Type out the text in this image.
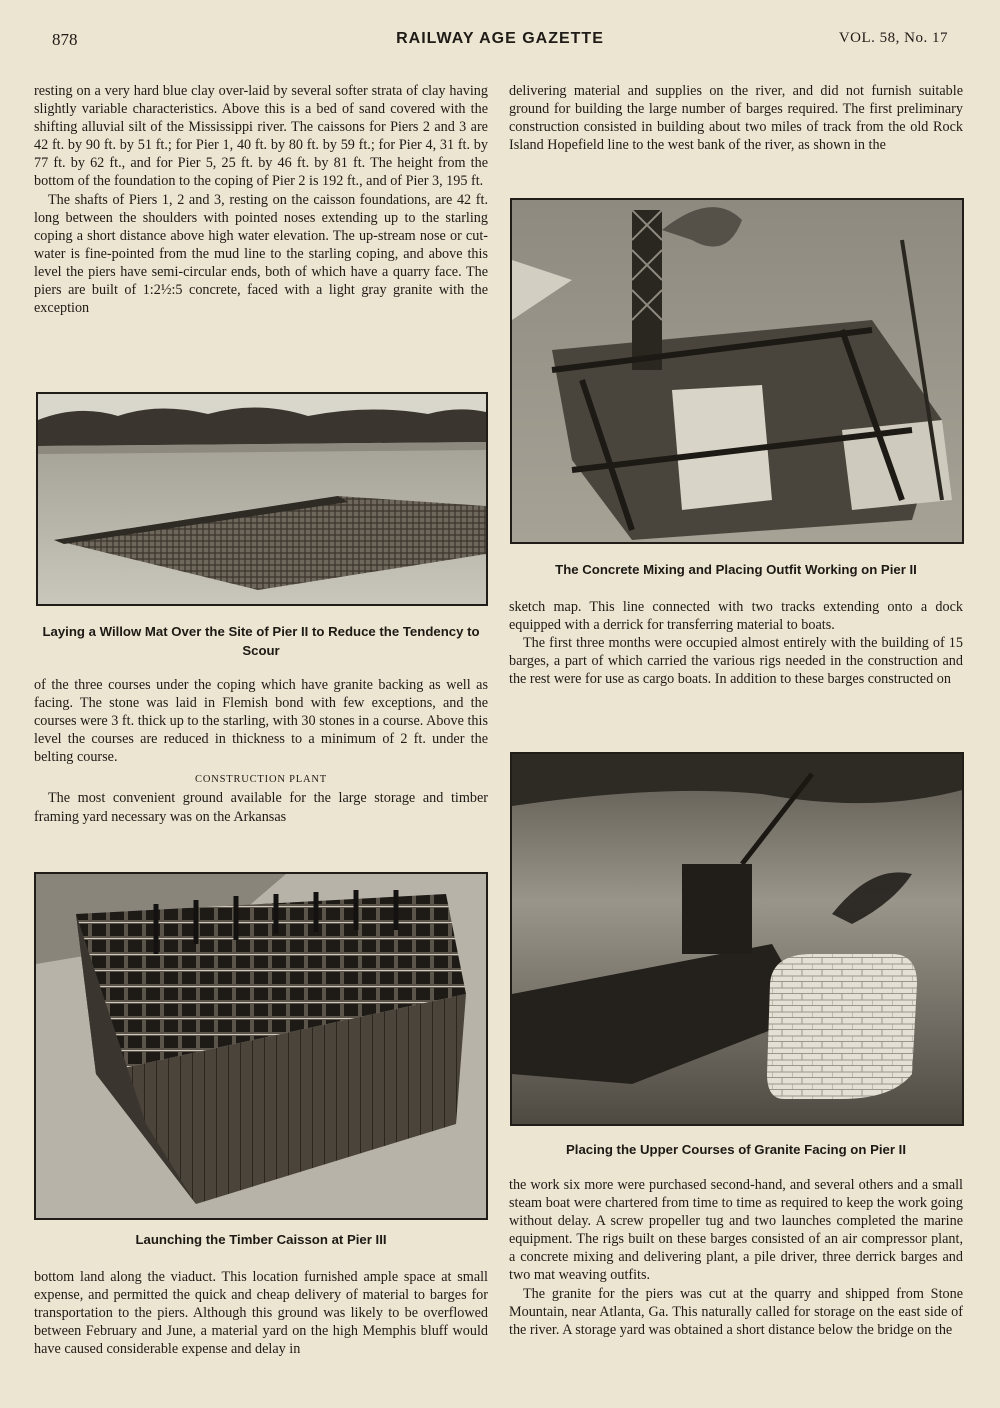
878	RAILWAY AGE GAZETTE	VOL. 58, No. 17

resting on a very hard blue clay over-laid by several softer strata of clay having slightly variable characteristics. Above this is a bed of sand covered with the shifting alluvial silt of the Mississippi river. The caissons for Piers 2 and 3 are 42 ft. by 90 ft. by 51 ft.; for Pier 1, 40 ft. by 80 ft. by 59 ft.; for Pier 4, 31 ft. by 77 ft. by 62 ft., and for Pier 5, 25 ft. by 46 ft. by 81 ft. The height from the bottom of the foundation to the coping of Pier 2 is 192 ft., and of Pier 3, 195 ft.

The shafts of Piers 1, 2 and 3, resting on the caisson foundations, are 42 ft. long between the shoulders with pointed noses extending up to the starling coping a short distance above high water elevation. The up-stream nose or cut-water is fine-pointed from the mud line to the starling coping, and above this level the piers have semi-circular ends, both of which have a quarry face. The piers are built of 1:2½:5 concrete, faced with a light gray granite with the exception

Laying a Willow Mat Over the Site of Pier II to Reduce the Tendency to Scour

of the three courses under the coping which have granite backing as well as facing. The stone was laid in Flemish bond with few exceptions, and the courses were 3 ft. thick up to the starling, with 30 stones in a course. Above this level the courses are reduced in thickness to a minimum of 2 ft. under the belting course.

CONSTRUCTION PLANT

The most convenient ground available for the large storage and timber framing yard necessary was on the Arkansas

Launching the Timber Caisson at Pier III

bottom land along the viaduct. This location furnished ample space at small expense, and permitted the quick and cheap delivery of material to barges for transportation to the piers. Although this ground was likely to be overflowed between February and June, a material yard on the high Memphis bluff would have caused considerable expense and delay in

delivering material and supplies on the river, and did not furnish suitable ground for building the large number of barges required. The first preliminary construction consisted in building about two miles of track from the old Rock Island Hopefield line to the west bank of the river, as shown in the

The Concrete Mixing and Placing Outfit Working on Pier II

sketch map. This line connected with two tracks extending onto a dock equipped with a derrick for transferring material to boats.

The first three months were occupied almost entirely with the building of 15 barges, a part of which carried the various rigs needed in the construction and the rest were for use as cargo boats. In addition to these barges constructed on

Placing the Upper Courses of Granite Facing on Pier II

the work six more were purchased second-hand, and several others and a small steam boat were chartered from time to time as required to keep the work going without delay. A screw propeller tug and two launches completed the marine equipment. The rigs built on these barges consisted of an air compressor plant, a concrete mixing and delivering plant, a pile driver, three derrick barges and two mat weaving outfits.

The granite for the piers was cut at the quarry and shipped from Stone Mountain, near Atlanta, Ga. This naturally called for storage on the east side of the river. A storage yard was obtained a short distance below the bridge on the
